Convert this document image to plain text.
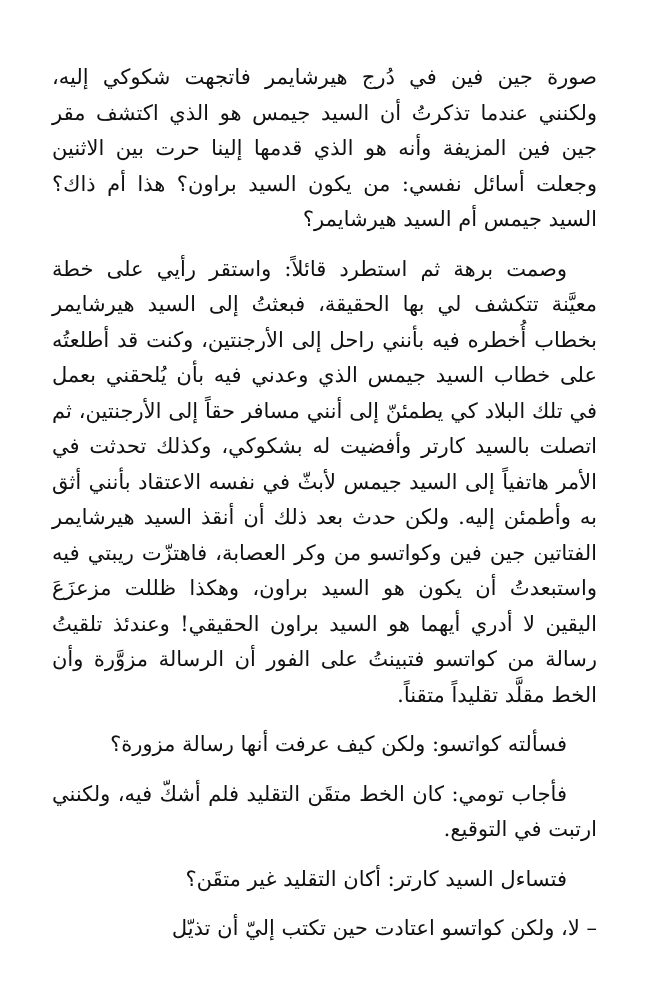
صورة جين فين في دُرج هيرشايمر فاتجهت شكوكي إليه، ولكنني عندما تذكرتُ أن السيد جيمس هو الذي اكتشف مقر جين فين المزيفة وأنه هو الذي قدمها إلينا حرت بين الاثنين وجعلت أسائل نفسي: من يكون السيد براون؟ هذا أم ذاك؟ السيد جيمس أم السيد هيرشايمر؟

وصمت برهة ثم استطرد قائلاً: واستقر رأيي على خطة معيَّنة تتكشف لي بها الحقيقة، فبعثتُ إلى السيد هيرشايمر بخطاب أُخطره فيه بأنني راحل إلى الأرجنتين، وكنت قد أطلعتُه على خطاب السيد جيمس الذي وعدني فيه بأن يُلحقني بعمل في تلك البلاد كي يطمئنّ إلى أنني مسافر حقاً إلى الأرجنتين، ثم اتصلت بالسيد كارتر وأفضيت له بشكوكي، وكذلك تحدثت في الأمر هاتفياً إلى السيد جيمس لأبثّ في نفسه الاعتقاد بأنني أثق به وأطمئن إليه. ولكن حدث بعد ذلك أن أنقذ السيد هيرشايمر الفتاتين جين فين وكواتسو من وكر العصابة، فاهتزّت ريبتي فيه واستبعدتُ أن يكون هو السيد براون، وهكذا ظللت مزعزَعَ اليقين لا أدري أيهما هو السيد براون الحقيقي! وعندئذ تلقيتُ رسالة من كواتسو فتبينتُ على الفور أن الرسالة مزوَّرة وأن الخط مقلَّد تقليداً متقناً.

فسألته كواتسو: ولكن كيف عرفت أنها رسالة مزورة؟

فأجاب تومي: كان الخط متقَن التقليد فلم أشكّ فيه، ولكنني ارتبت في التوقيع.

فتساءل السيد كارتر: أكان التقليد غير متقَن؟

– لا، ولكن كواتسو اعتادت حين تكتب إليّ أن تذيّل
